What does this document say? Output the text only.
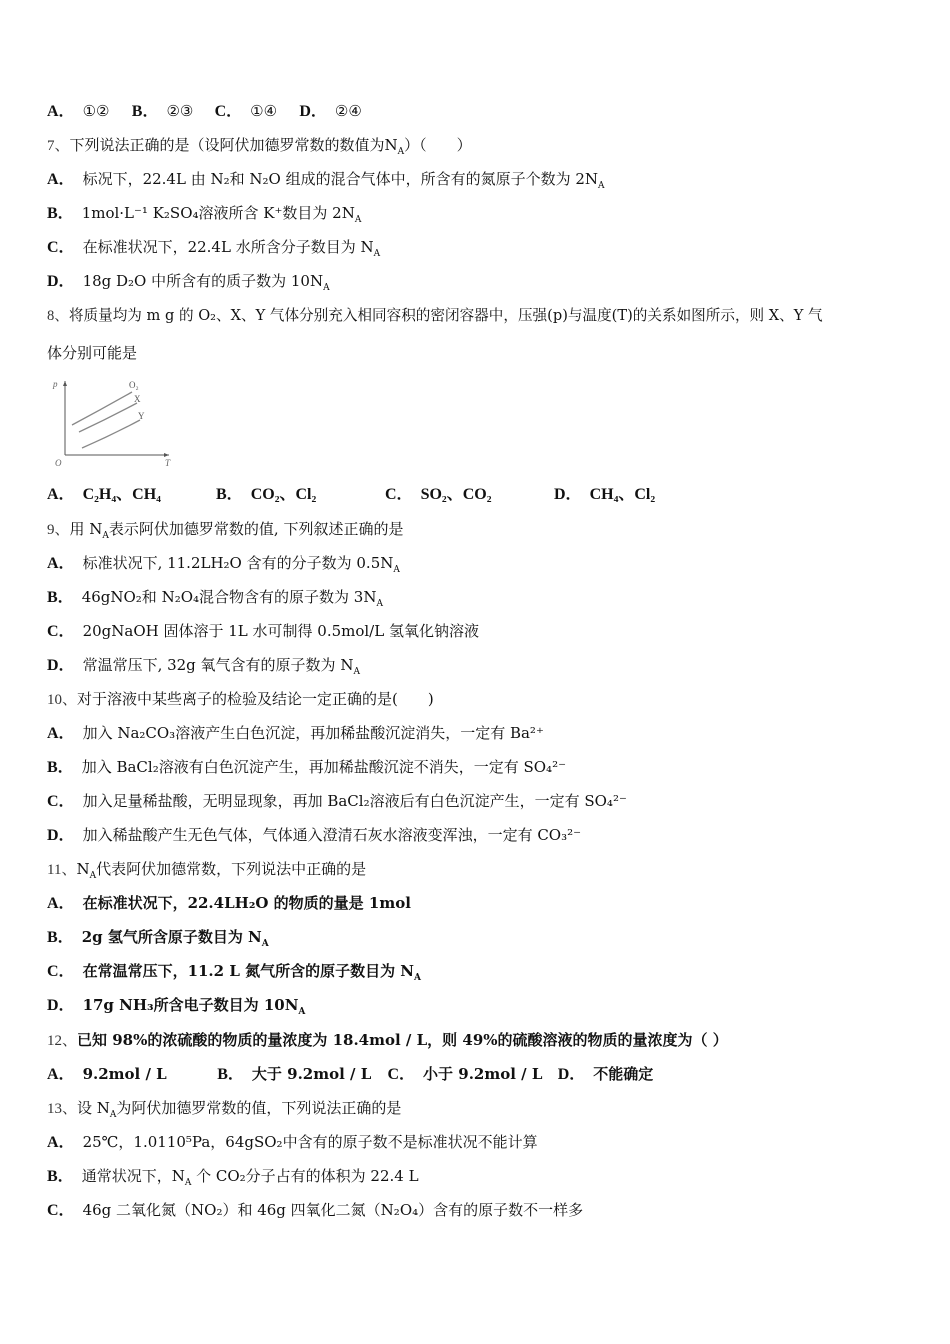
A． ①② B． ②③ C． ①④ D． ②④
7、下列说法正确的是（设阿伏加德罗常数的数值为$N_A$）（　　）
A． 标况下，22.4L 由 N₂和 N₂O 组成的混合气体中，所含有的氮原子个数为 $2N_A$
B． 1mol·L⁻¹ K₂SO₄溶液所含 K⁺数目为 $2N_A$
C． 在标准状况下，22.4L 水所含分子数目为 $N_A$
D． 18g D₂O 中所含有的质子数为 $10N_A$
8、将质量均为 m g 的 O₂、X、Y 气体分别充入相同容积的密闭容器中，压强(p)与温度(T)的关系如图所示，则 X、Y 气
体分别可能是
p
T
O
O₂
X
Y
A． C₂H₄、CH₄	B． CO₂、Cl₂	C． SO₂、CO₂	D． CH₄、Cl₂
9、用 $N_A$表示阿伏加德罗常数的值, 下列叙述正确的是
A． 标准状况下, 11.2LH₂O 含有的分子数为 $0.5N_A$
B． 46gNO₂和 N₂O₄混合物含有的原子数为 $3N_A$
C． 20gNaOH 固体溶于 1L 水可制得 0.5mol/L 氢氧化钠溶液
D． 常温常压下, 32g 氧气含有的原子数为 $N_A$
10、对于溶液中某些离子的检验及结论一定正确的是(　　)
A． 加入 Na₂CO₃溶液产生白色沉淀，再加稀盐酸沉淀消失，一定有 Ba²⁺
B． 加入 BaCl₂溶液有白色沉淀产生，再加稀盐酸沉淀不消失，一定有 SO₄²⁻
C． 加入足量稀盐酸，无明显现象，再加 BaCl₂溶液后有白色沉淀产生，一定有 SO₄²⁻
D． 加入稀盐酸产生无色气体，气体通入澄清石灰水溶液变浑浊，一定有 CO₃²⁻
11、$N_A$代表阿伏加德常数，下列说法中正确的是
A． 在标准状况下，22.4LH₂O 的物质的量是 1mol
B． 2g 氢气所含原子数目为 $N_A$
C． 在常温常压下，11.2 L 氮气所含的原子数目为 $N_A$
D． 17g NH₃所含电子数目为 $10N_A$
12、已知 98%的浓硫酸的物质的量浓度为 18.4mol / L，则 49%的硫酸溶液的物质的量浓度为（ ）
A． 9.2mol / L	B． 大于 9.2mol / L C． 小于 9.2mol / L D． 不能确定
13、设 $N_A$为阿伏加德罗常数的值，下列说法正确的是
A． 25℃，1.0110⁵Pa，64gSO₂中含有的原子数不是标准状况不能计算
B． 通常状况下，$N_A$ 个 CO₂分子占有的体积为 22.4 L
C． 46g 二氧化氮（NO₂）和 46g 四氧化二氮（N₂O₄）含有的原子数不一样多
